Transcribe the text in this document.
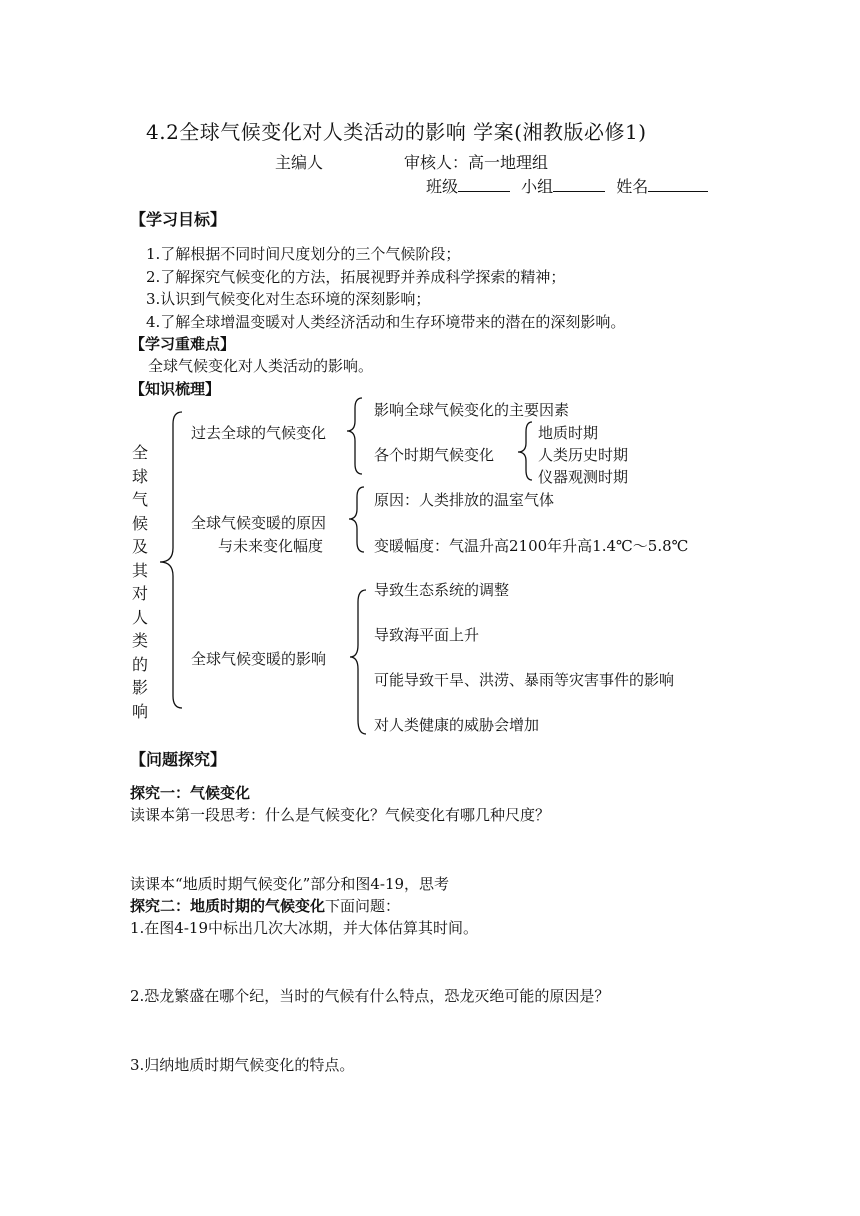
4.2全球气候变化对人类活动的影响 学案(湘教版必修1)
主编人	审核人：高一地理组
班级	小组	姓名
【学习目标】
1.了解根据不同时间尺度划分的三个气候阶段；
2.了解探究气候变化的方法，拓展视野并养成科学探索的精神；
3.认识到气候变化对生态环境的深刻影响；
4.了解全球增温变暖对人类经济活动和生存环境带来的潜在的深刻影响。
【学习重难点】
全球气候变化对人类活动的影响。
【知识梳理】
全
球
气
候
及
其
对
人
类
的
影
响
过去全球的气候变化
影响全球气候变化的主要因素
各个时期气候变化
地质时期
人类历史时期
仪器观测时期
全球气候变暖的原因
与未来变化幅度
原因：人类排放的温室气体
变暖幅度：气温升高2100年升高1.4℃～5.8℃
全球气候变暖的影响
导致生态系统的调整
导致海平面上升
可能导致干旱、洪涝、暴雨等灾害事件的影响
对人类健康的威胁会增加
【问题探究】
探究一：气候变化
读课本第一段思考：什么是气候变化？气候变化有哪几种尺度？
读课本“地质时期气候变化”部分和图4-19，思考
探究二：地质时期的气候变化下面问题：
1.在图4-19中标出几次大冰期，并大体估算其时间。
2.恐龙繁盛在哪个纪，当时的气候有什么特点，恐龙灭绝可能的原因是？
3.归纳地质时期气候变化的特点。
